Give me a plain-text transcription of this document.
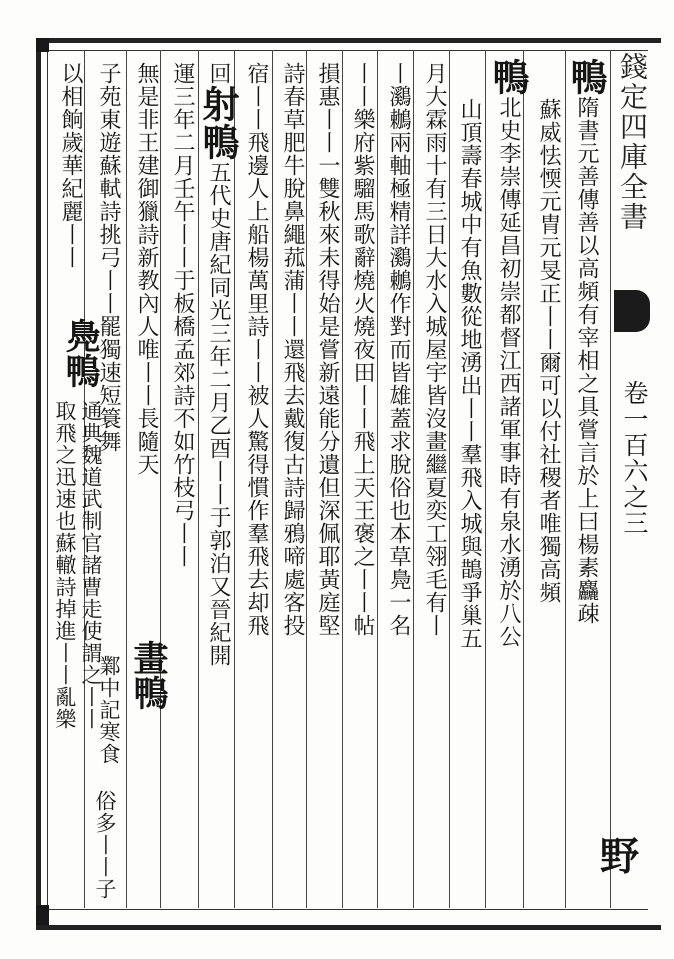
錢定四庫全書
卷一百六之三
鴨隋書元善傳善以高頻有宰相之具嘗言於上曰楊素麤疎
蘇威怯愞元胄元旻正丨丨爾可以付社稷者唯獨高頻
鴨北史李崇傳延昌初崇都督江西諸軍事時有泉水湧於八公
山頂壽春城中有魚數從地湧出丨丨羣飛入城與鵲爭巢五
月大霖雨十有三日大水入城屋宇皆沒畫繼夏奕工翎毛有丨
丨鸂鶒兩軸極精詳鸂鶒作對而皆雄蓋求脫俗也本草鳧一名
丨丨樂府紫騮馬歌辭燒火燒夜田丨丨飛上天王褒之丨丨帖
損惠丨丨一雙秋來未得始是嘗新遠能分遺但深佩耶黃庭堅
詩春草肥牛脫鼻繩菰蒲丨丨還飛去戴復古詩歸鴉啼處客投
宿丨丨飛邊人上船楊萬里詩丨丨被人驚得慣作羣飛去却飛
回射鴨五代史唐紀同光三年二月乙酉丨丨于郭泊又晉紀開
運三年二月壬午丨丨于板橋孟郊詩不如竹枝弓丨丨
無是非王建御獵詩新教內人唯丨丨長隨天
畫鴨
鄴中記寒食
子苑東遊蘇軾詩挑弓丨丨罷獨速短簑舞
俗多丨丨子
以相餉歲華紀麗丨丨
鳧鴨
通典魏道武制官諸曹走使謂之丨丨
取飛之迅速也蘇轍詩掉進丨丨亂樂
野
